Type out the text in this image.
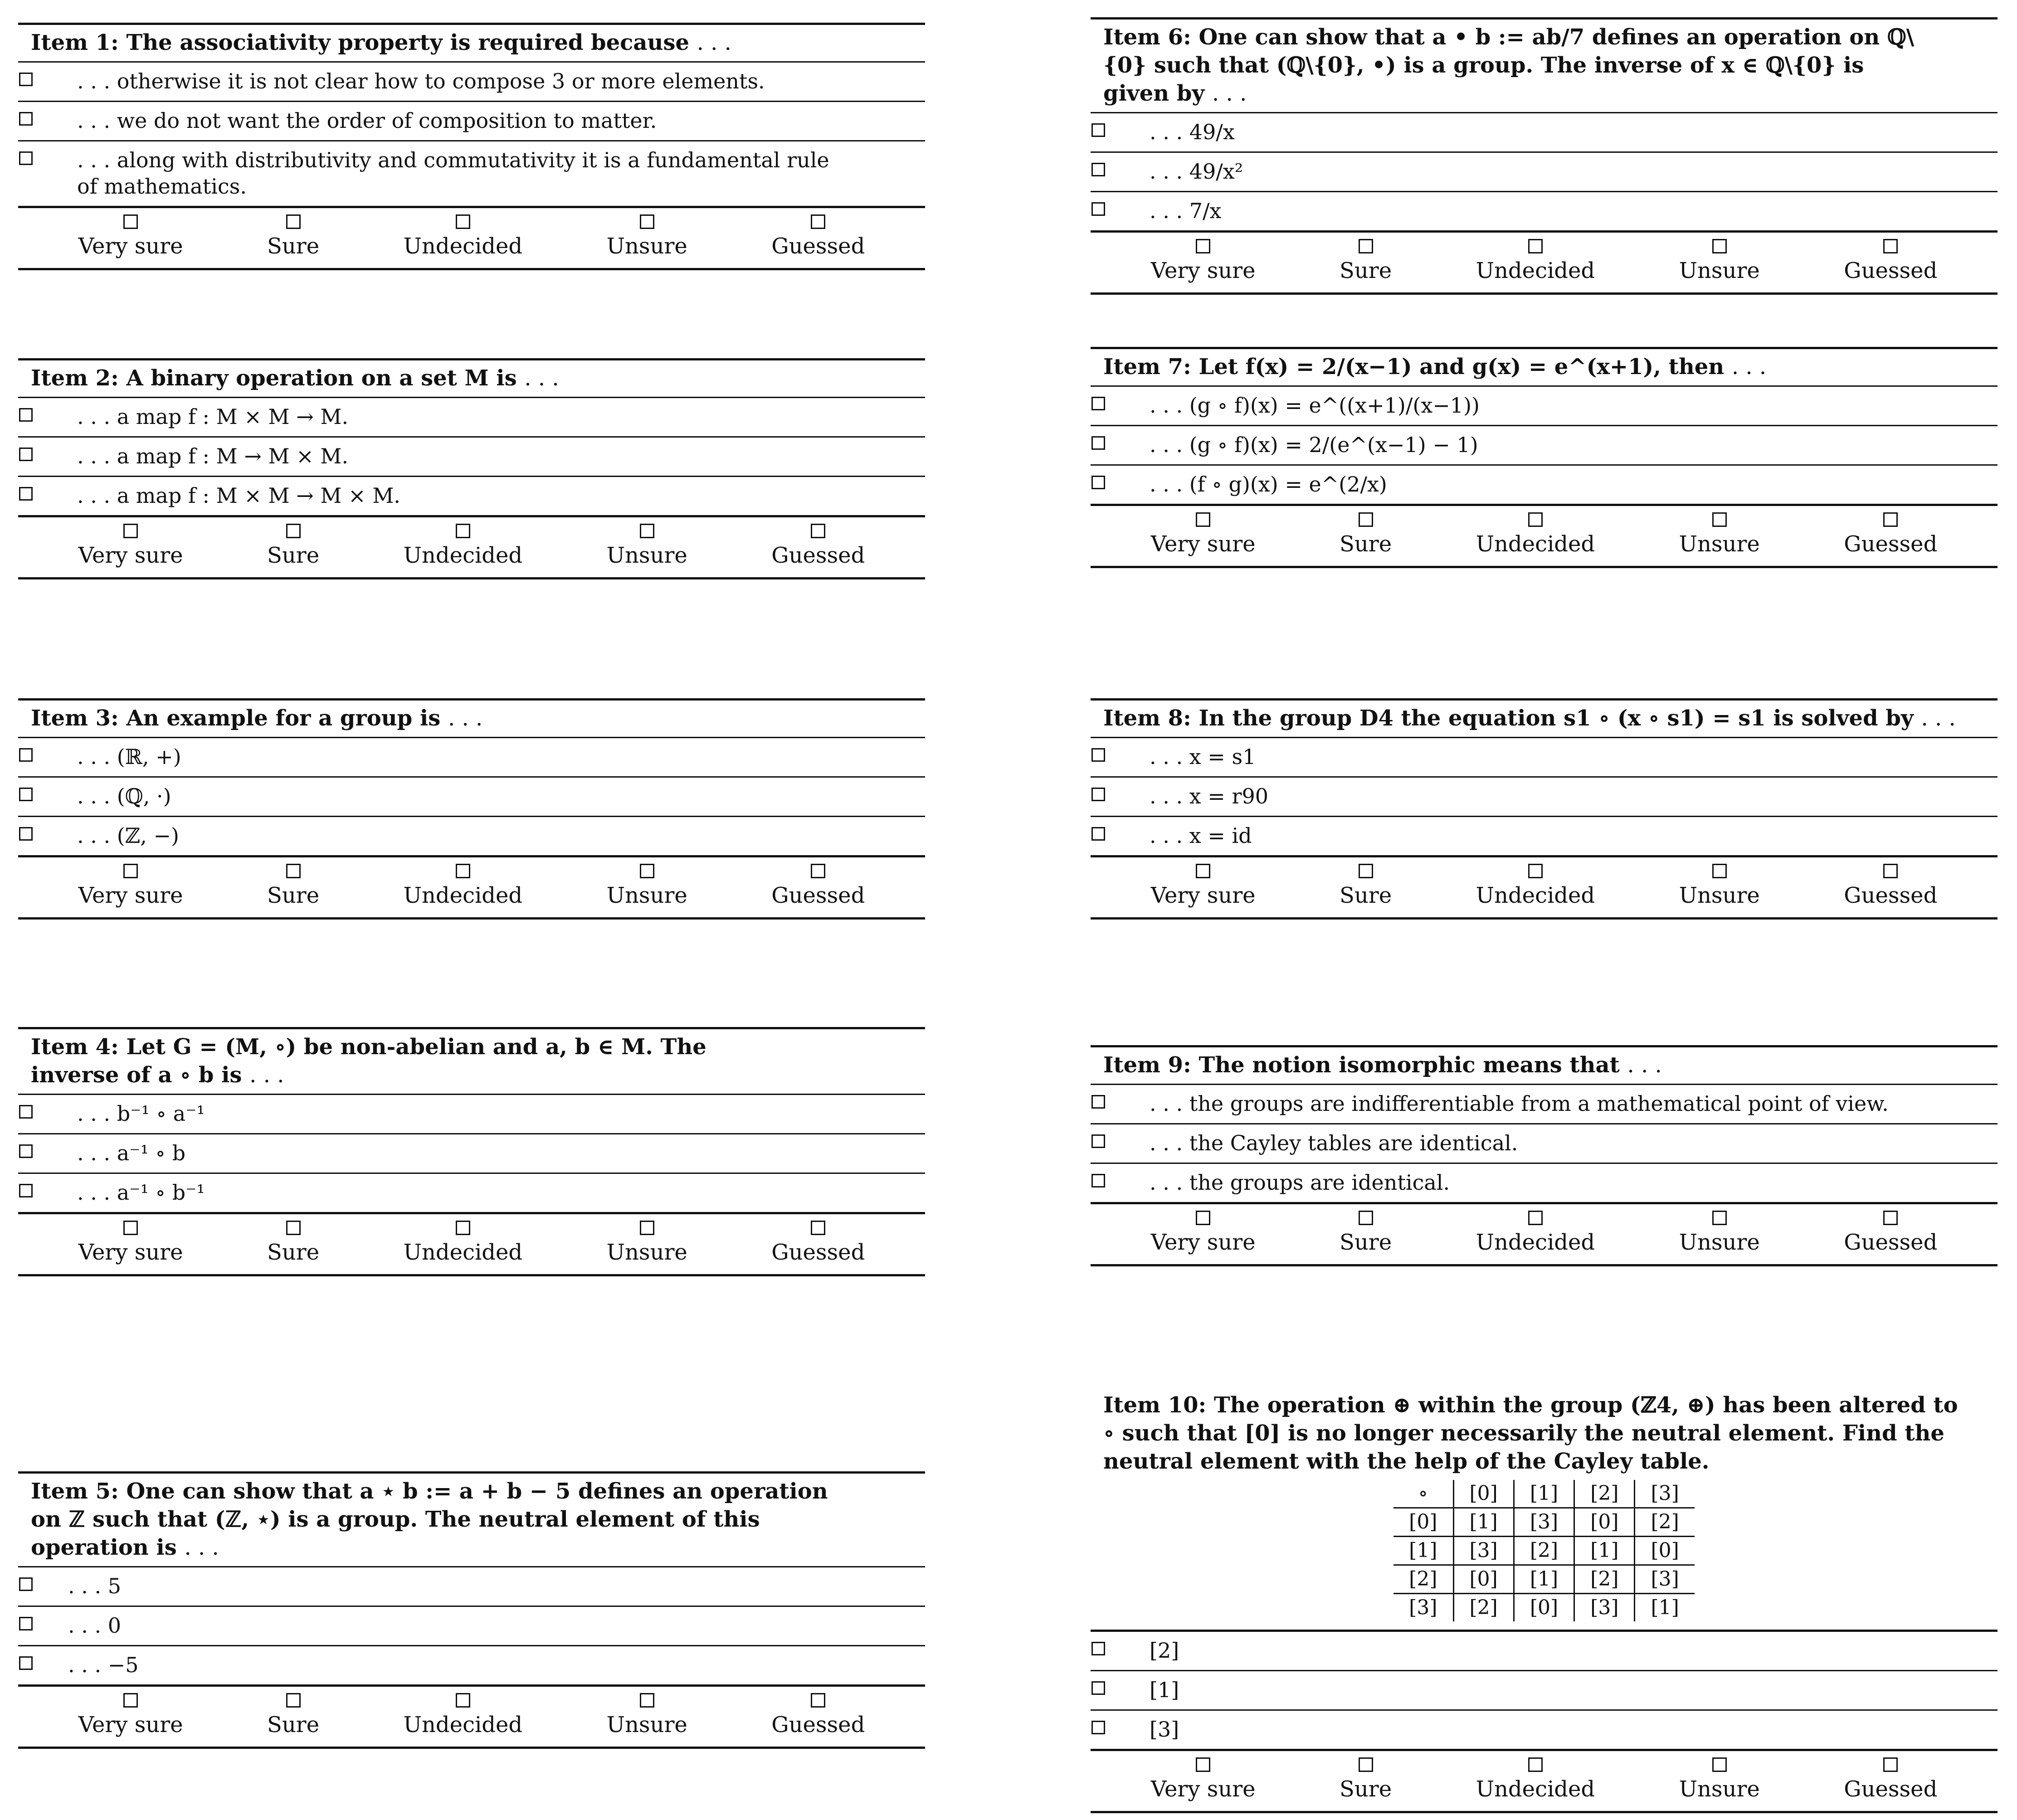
Item 1: The associativity property is required because . . .
. . . otherwise it is not clear how to compose 3 or more elements.
. . . we do not want the order of composition to matter.
. . . along with distributivity and commutativity it is a fundamental rule of mathematics.
Very sure	Sure	Undecided	Unsure	Guessed
Item 2: A binary operation on a set M is . . .
. . . a map f : M × M → M.
. . . a map f : M → M × M.
. . . a map f : M × M → M × M.
Very sure	Sure	Undecided	Unsure	Guessed
Item 3: An example for a group is . . .
. . . (ℝ, +)
. . . (ℚ, ·)
. . . (ℤ, −)
Very sure	Sure	Undecided	Unsure	Guessed
Item 4: Let G = (M, ∘) be non-abelian and a, b ∈ M. The inverse of a ∘ b is . . .
. . . b⁻¹ ∘ a⁻¹
. . . a⁻¹ ∘ b
. . . a⁻¹ ∘ b⁻¹
Very sure	Sure	Undecided	Unsure	Guessed
Item 5: One can show that a ⋆ b := a + b − 5 defines an operation on ℤ such that (ℤ, ⋆) is a group. The neutral element of this operation is . . .
. . . 5
. . . 0
. . . −5
Very sure	Sure	Undecided	Unsure	Guessed
Item 6: One can show that a • b := ab/7 defines an operation on ℚ\{0} such that (ℚ\{0}, •) is a group. The inverse of x ∈ ℚ\{0} is given by . . .
. . . 49/x
. . . 49/x²
. . . 7/x
Very sure	Sure	Undecided	Unsure	Guessed
Item 7: Let f(x) = 2/(x−1) and g(x) = e^(x+1), then . . .
. . . (g ∘ f)(x) = e^((x+1)/(x−1))
. . . (g ∘ f)(x) = 2/(e^(x−1) − 1)
. . . (f ∘ g)(x) = e^(2/x)
Very sure	Sure	Undecided	Unsure	Guessed
Item 8: In the group D4 the equation s1 ∘ (x ∘ s1) = s1 is solved by . . .
. . . x = s1
. . . x = r90
. . . x = id
Very sure	Sure	Undecided	Unsure	Guessed
Item 9: The notion isomorphic means that . . .
. . . the groups are indifferentiable from a mathematical point of view.
. . . the Cayley tables are identical.
. . . the groups are identical.
Very sure	Sure	Undecided	Unsure	Guessed
Item 10: The operation ⊕ within the group (ℤ4, ⊕) has been altered to ∘ such that [0] is no longer necessarily the neutral element. Find the neutral element with the help of the Cayley table.
∘	[0]	[1]	[2]	[3]
[0]	[1]	[3]	[0]	[2]
[1]	[3]	[2]	[1]	[0]
[2]	[0]	[1]	[2]	[3]
[3]	[2]	[0]	[3]	[1]
[2]
[1]
[3]
Very sure	Sure	Undecided	Unsure	Guessed
